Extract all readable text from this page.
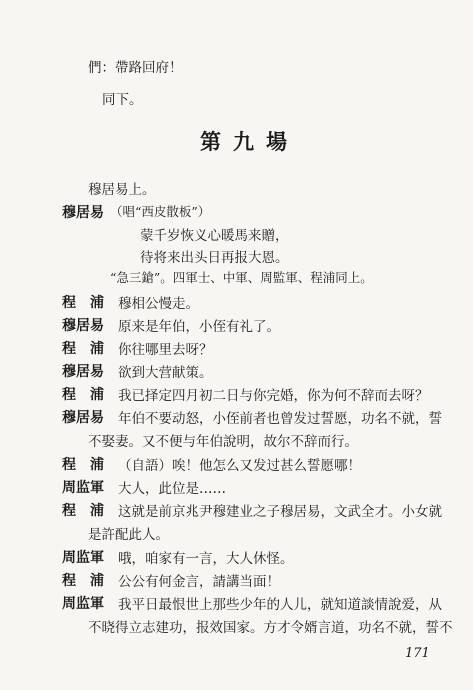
們：帶路回府！
同下。
第九場
穆居易上。
穆居易 （唱“西皮散板”）
蒙千岁恢义心暖馬来贈，
待将来出头日再报大恩。
“急三鎗”。四軍士、中軍、周監軍、程浦同上。
程　浦 穆相公慢走。
穆居易 原来是年伯，小侄有礼了。
程　浦 你往哪里去呀？
穆居易 欲到大营献策。
程　浦 我已择定四月初二日与你完婚，你为何不辞而去呀？
穆居易 年伯不要动怒，小侄前者也曾发过誓愿，功名不就，誓
不娶妻。又不便与年伯說明，故尔不辞而行。
程　浦 （自語）唉！他怎么又发过甚么誓愿哪！
周监軍 大人，此位是……
程　浦 这就是前京兆尹穆建业之子穆居易，文武全才。小女就
是許配此人。
周监軍 哦，咱家有一言，大人休怪。
程　浦 公公有何金言，請講当面！
周监軍 我平日最恨世上那些少年的人儿，就知道談情說爱，从
不晓得立志建功，报效国家。方才令婿言道，功名不就，誓不
171
